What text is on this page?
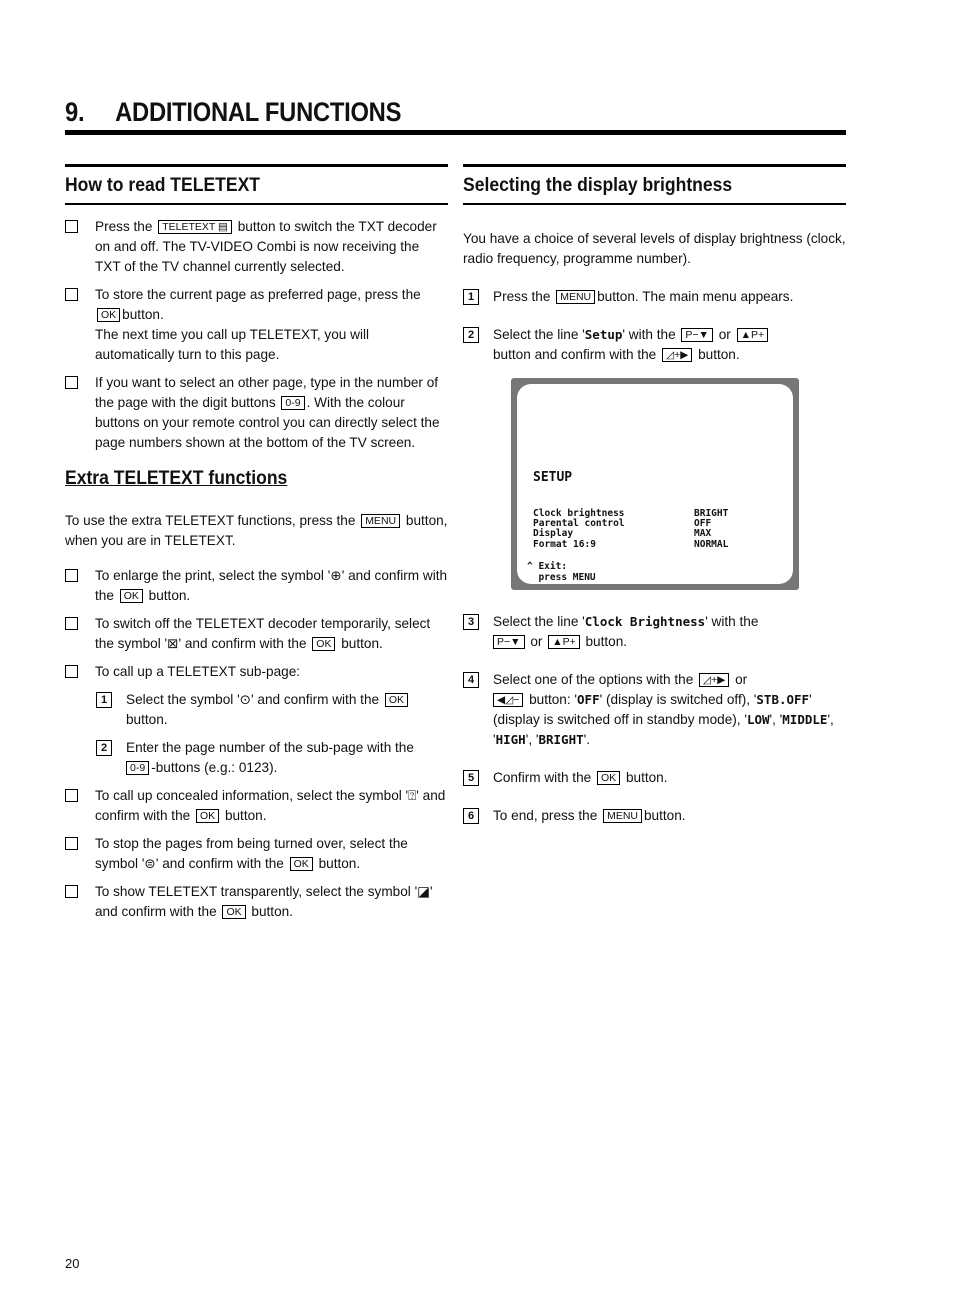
9. ADDITIONAL FUNCTIONS
How to read TELETEXT
Press the TELETEXT ▤ button to switch the TXT decoder on and off. The TV-VIDEO Combi is now receiving the TXT of the TV channel currently selected.
To store the current page as preferred page, press the
OK button.
The next time you call up TELETEXT, you will automatically turn to this page.
If you want to select an other page, type in the number of the page with the digit buttons 0-9 . With the colour buttons on your remote control you can directly select the page numbers shown at the bottom of the TV screen.
Extra TELETEXT functions

To use the extra TELETEXT functions, press the MENU button, when you are in TELETEXT.

To enlarge the print, select the symbol '⊕' and confirm with the OK button.
To switch off the TELETEXT decoder temporarily, select the symbol '⊠' and confirm with the OK button.
To call up a TELETEXT sub-page:
1	Select the symbol '⊙' and confirm with the OK
button.
2	Enter the page number of the sub-page with the
0-9 -buttons (e.g.: 0123).
To call up concealed information, select the symbol '⍰' and confirm with the OK button.
To stop the pages from being turned over, select the symbol '⊜' and confirm with the OK button.
To show TELETEXT transparently, select the symbol '◪' and confirm with the OK button.
Selecting the display brightness

You have a choice of several levels of display brightness (clock, radio frequency, programme number).

1	Press the MENU button. The main menu appears.
2	Select the line 'Setup' with the P−▼ or ▲P+
button and confirm with the ◿+▶ button.
SETUP
Clock brightness	BRIGHT
Parental control	OFF
Display	MAX
Format 16:9	NORMAL
^ Exit:
press MENU
3	Select the line 'Clock Brightness' with the
P−▼ or ▲P+ button.
4	Select one of the options with the ◿+▶ or
◀◿− button: 'OFF' (display is switched off), 'STB.OFF' (display is switched off in standby mode), 'LOW', 'MIDDLE', 'HIGH', 'BRIGHT'.
5	Confirm with the OK button.
6	To end, press the MENU button.
20
